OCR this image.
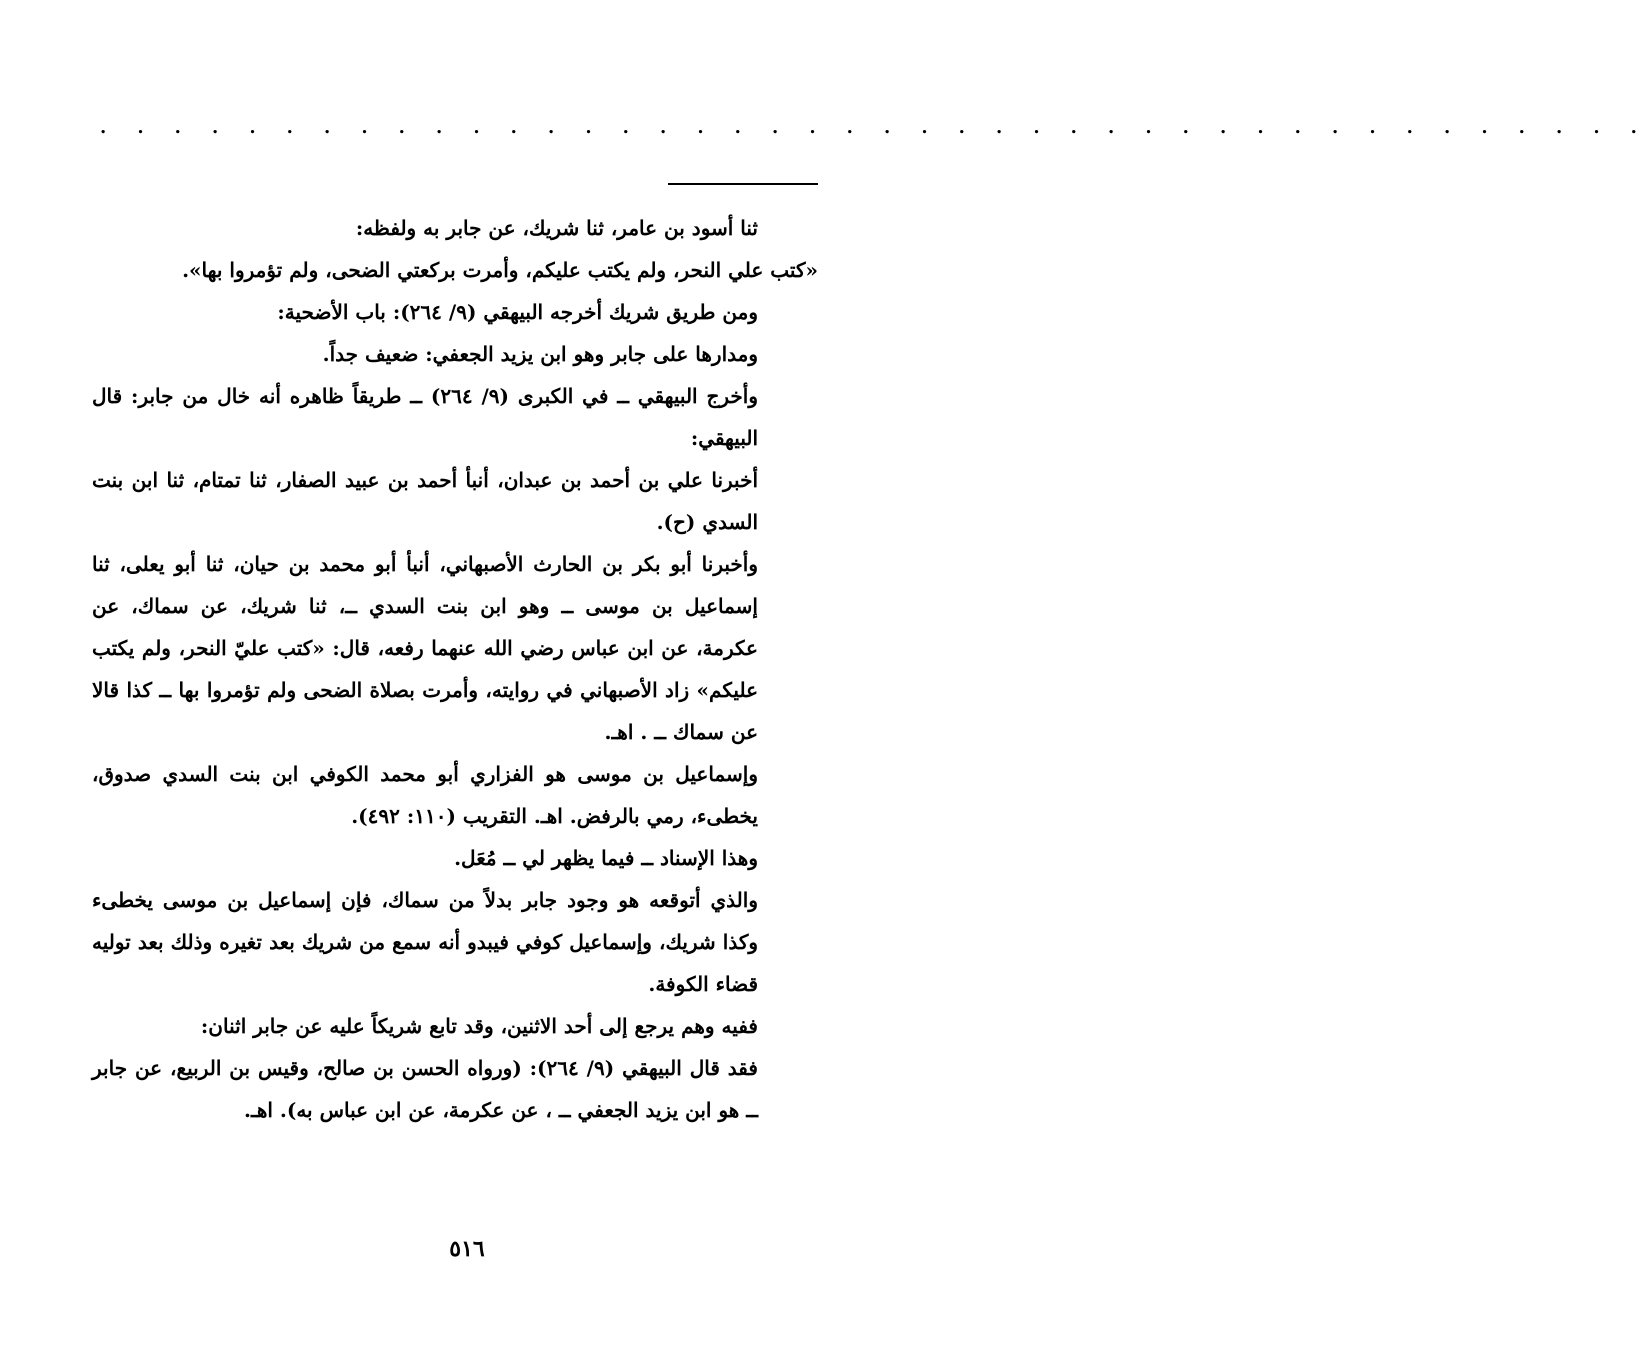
. . . . . . . . . . . . . . . . . . . . . . . . . . . . . . . . . . . . . . . . . .

ثنا أسود بن عامر، ثنا شريك، عن جابر به ولفظه:

«كتب علي النحر، ولم يكتب عليكم، وأمرت بركعتي الضحى، ولم تؤمروا بها».

ومن طريق شريك أخرجه البيهقي (٩/ ٢٦٤): باب الأضحية:

ومدارها على جابر وهو ابن يزيد الجعفي: ضعيف جداً.

وأخرج البيهقي ــ في الكبرى (٩/ ٢٦٤) ــ طريقاً ظاهره أنه خال من جابر: قال البيهقي:

أخبرنا علي بن أحمد بن عبدان، أنبأ أحمد بن عبيد الصفار، ثنا تمتام، ثنا ابن بنت السدي (ح).

وأخبرنا أبو بكر بن الحارث الأصبهاني، أنبأ أبو محمد بن حيان، ثنا أبو يعلى، ثنا إسماعيل بن موسى ــ وهو ابن بنت السدي ــ، ثنا شريك، عن سماك، عن عكرمة، عن ابن عباس رضي الله عنهما رفعه، قال: «كتب عليّ النحر، ولم يكتب عليكم» زاد الأصبهاني في روايته، وأمرت بصلاة الضحى ولم تؤمروا بها ــ كذا قالا عن سماك ــ . اهـ.

وإسماعيل بن موسى هو الفزاري أبو محمد الكوفي ابن بنت السدي صدوق، يخطىء، رمي بالرفض. اهـ. التقريب (١١٠: ٤٩٢).

وهذا الإسناد ــ فيما يظهر لي ــ مُعَل.

والذي أتوقعه هو وجود جابر بدلاً من سماك، فإن إسماعيل بن موسى يخطىء وكذا شريك، وإسماعيل كوفي فيبدو أنه سمع من شريك بعد تغيره وذلك بعد توليه قضاء الكوفة.

ففيه وهم يرجع إلى أحد الاثنين، وقد تابع شريكاً عليه عن جابر اثنان:

فقد قال البيهقي (٩/ ٢٦٤): (ورواه الحسن بن صالح، وقيس بن الربيع، عن جابر ــ هو ابن يزيد الجعفي ــ ، عن عكرمة، عن ابن عباس به). اهـ.

٥١٦
